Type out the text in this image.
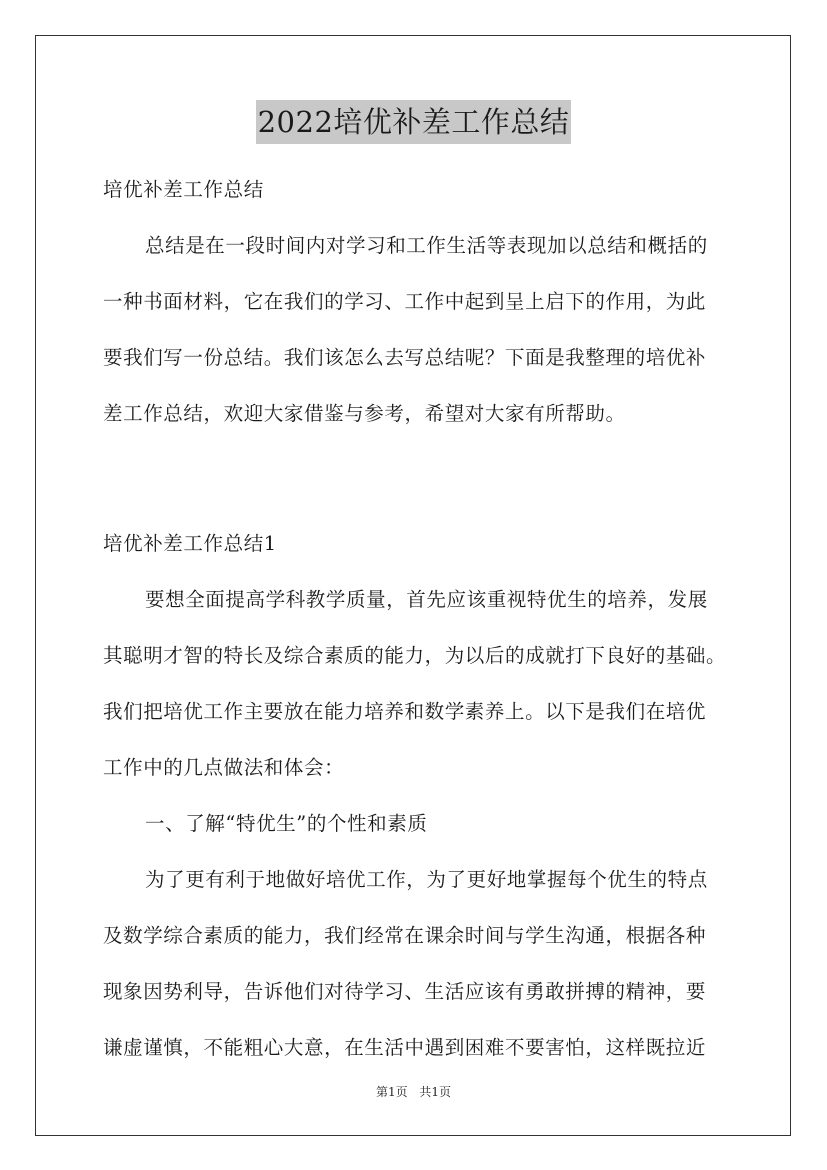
2022培优补差工作总结
培优补差工作总结
总结是在一段时间内对学习和工作生活等表现加以总结和概括的
一种书面材料，它在我们的学习、工作中起到呈上启下的作用，为此
要我们写一份总结。我们该怎么去写总结呢？下面是我整理的培优补
差工作总结，欢迎大家借鉴与参考，希望对大家有所帮助。
培优补差工作总结1
要想全面提高学科教学质量，首先应该重视特优生的培养，发展
其聪明才智的特长及综合素质的能力，为以后的成就打下良好的基础。
我们把培优工作主要放在能力培养和数学素养上。以下是我们在培优
工作中的几点做法和体会：
一、了解“特优生”的个性和素质
为了更有利于地做好培优工作，为了更好地掌握每个优生的特点
及数学综合素质的能力，我们经常在课余时间与学生沟通，根据各种
现象因势利导，告诉他们对待学习、生活应该有勇敢拼搏的精神，要
谦虚谨慎，不能粗心大意，在生活中遇到困难不要害怕，这样既拉近
第1页 共1页
